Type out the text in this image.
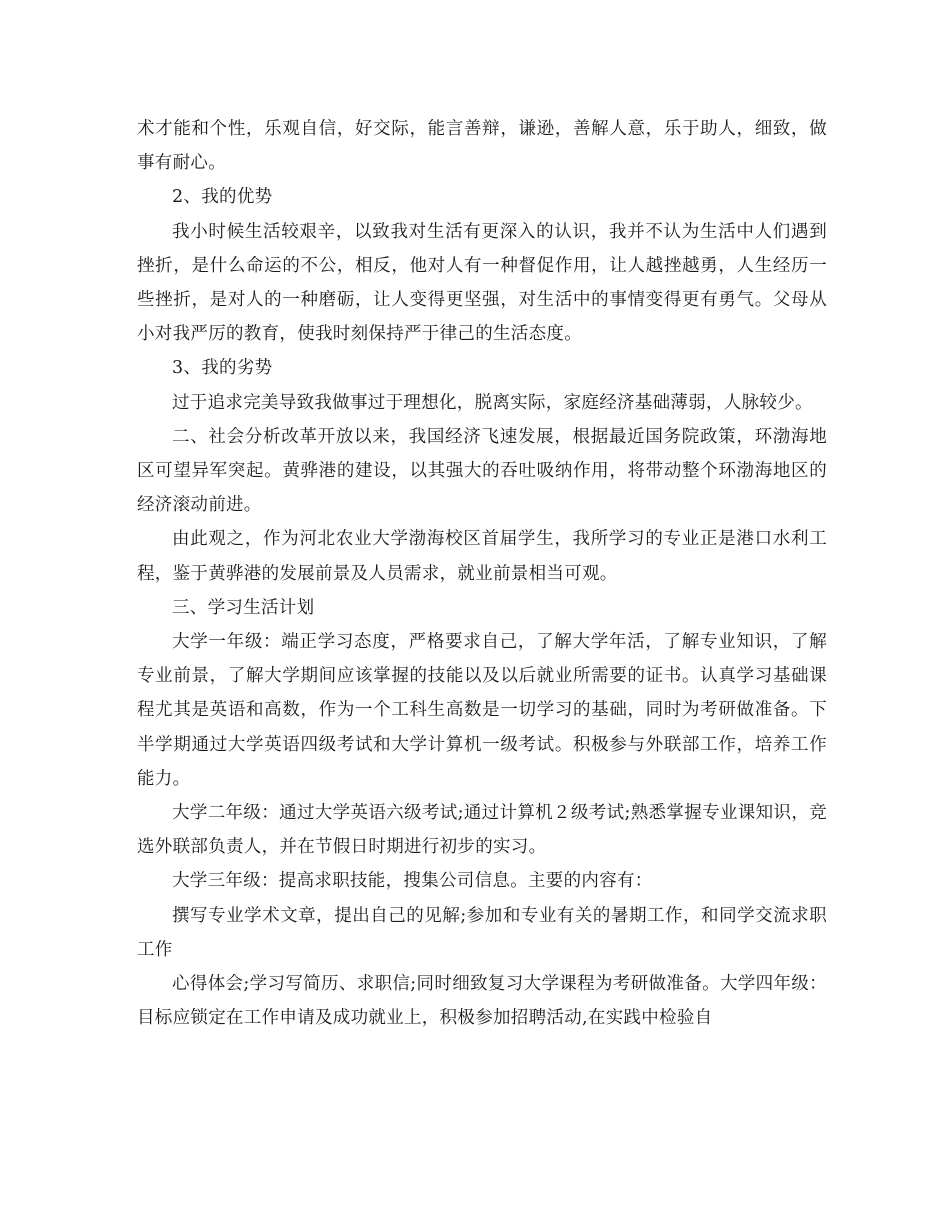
术才能和个性，乐观自信，好交际，能言善辩，谦逊，善解人意，乐于助人，细致，做事有耐心。

2、我的优势

我小时候生活较艰辛，以致我对生活有更深入的认识，我并不认为生活中人们遇到挫折，是什么命运的不公，相反，他对人有一种督促作用，让人越挫越勇，人生经历一些挫折，是对人的一种磨砺，让人变得更坚强，对生活中的事情变得更有勇气。父母从小对我严厉的教育，使我时刻保持严于律己的生活态度。

3、我的劣势

过于追求完美导致我做事过于理想化，脱离实际，家庭经济基础薄弱，人脉较少。

二、社会分析改革开放以来，我国经济飞速发展，根据最近国务院政策，环渤海地区可望异军突起。黄骅港的建设，以其强大的吞吐吸纳作用，将带动整个环渤海地区的经济滚动前进。

由此观之，作为河北农业大学渤海校区首届学生，我所学习的专业正是港口水利工程，鉴于黄骅港的发展前景及人员需求，就业前景相当可观。

三、学习生活计划

大学一年级：端正学习态度，严格要求自己，了解大学年活，了解专业知识，了解专业前景，了解大学期间应该掌握的技能以及以后就业所需要的证书。认真学习基础课程尤其是英语和高数，作为一个工科生高数是一切学习的基础，同时为考研做准备。下半学期通过大学英语四级考试和大学计算机一级考试。积极参与外联部工作，培养工作能力。

大学二年级：通过大学英语六级考试;通过计算机２级考试;熟悉掌握专业课知识，竞选外联部负责人，并在节假日时期进行初步的实习。

大学三年级：提高求职技能，搜集公司信息。主要的内容有：

撰写专业学术文章，提出自己的见解;参加和专业有关的暑期工作，和同学交流求职工作

心得体会;学习写简历、求职信;同时细致复习大学课程为考研做准备。大学四年级：目标应锁定在工作申请及成功就业上，积极参加招聘活动,在实践中检验自
